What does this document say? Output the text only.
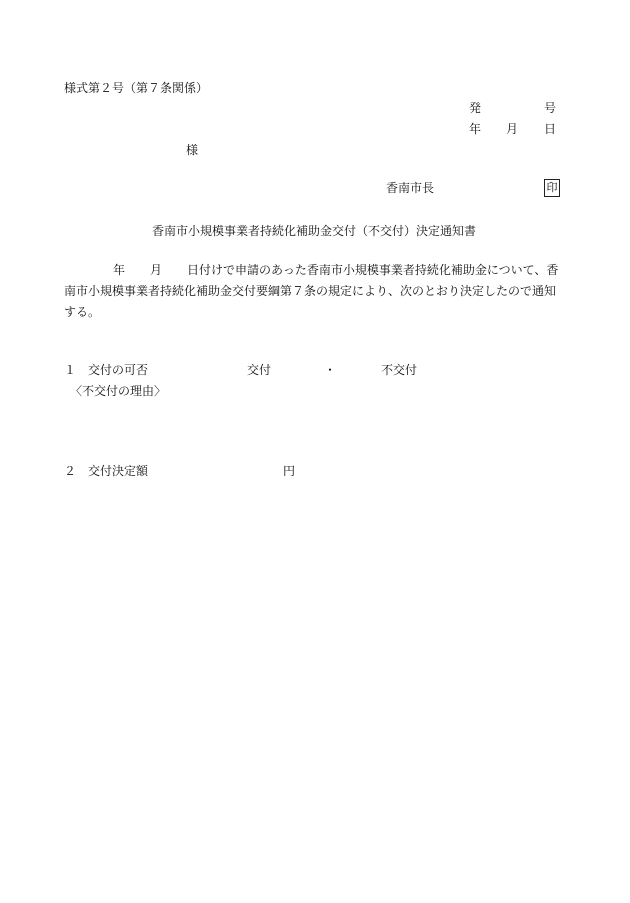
様式第２号（第７条関係）
発	号
年 月 日
様
香南市長	印
香南市小規模事業者持続化補助金交付（不交付）決定通知書
年 月 日付けで申請のあった香南市小規模事業者持続化補助金について、香
南市小規模事業者持続化補助金交付要綱第７条の規定により、次のとおり決定したので通知
する。
１　交付の可否	交付	・	不交付
〈不交付の理由〉
２　交付決定額	円
